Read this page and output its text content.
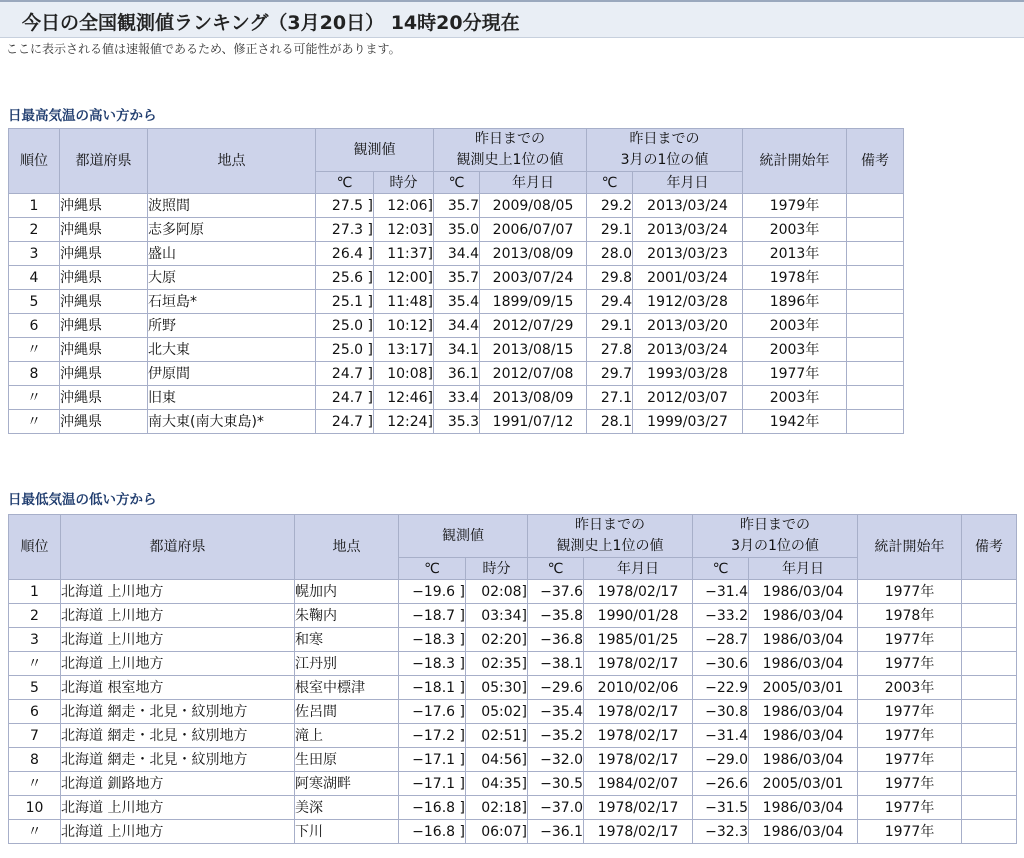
今日の全国観測値ランキング（3月20日） 14時20分現在
ここに表示される値は速報値であるため、修正される可能性があります。
日最高気温の高い方から
順位	都道府県	地点	観測値		昨日までの
観測史上1位の値		昨日までの
3月の1位の値		統計開始年	備考
			℃	時分	℃	年月日	℃	年月日		
1	沖縄県	波照間	27.5 ]	12:06]	35.7	2009/08/05	29.2	2013/03/24	1979年	
2	沖縄県	志多阿原	27.3 ]	12:03]	35.0	2006/07/07	29.1	2013/03/24	2003年	
3	沖縄県	盛山	26.4 ]	11:37]	34.4	2013/08/09	28.0	2013/03/23	2013年	
4	沖縄県	大原	25.6 ]	12:00]	35.7	2003/07/24	29.8	2001/03/24	1978年	
5	沖縄県	石垣島*	25.1 ]	11:48]	35.4	1899/09/15	29.4	1912/03/28	1896年	
6	沖縄県	所野	25.0 ]	10:12]	34.4	2012/07/29	29.1	2013/03/20	2003年	
〃	沖縄県	北大東	25.0 ]	13:17]	34.1	2013/08/15	27.8	2013/03/24	2003年	
8	沖縄県	伊原間	24.7 ]	10:08]	36.1	2012/07/08	29.7	1993/03/28	1977年	
〃	沖縄県	旧東	24.7 ]	12:46]	33.4	2013/08/09	27.1	2012/03/07	2003年	
〃	沖縄県	南大東(南大東島)*	24.7 ]	12:24]	35.3	1991/07/12	28.1	1999/03/27	1942年	
日最低気温の低い方から
順位	都道府県	地点	観測値		昨日までの
観測史上1位の値		昨日までの
3月の1位の値		統計開始年	備考
			℃	時分	℃	年月日	℃	年月日		
1	北海道 上川地方	幌加内	−19.6 ]	02:08]	−37.6	1978/02/17	−31.4	1986/03/04	1977年	
2	北海道 上川地方	朱鞠内	−18.7 ]	03:34]	−35.8	1990/01/28	−33.2	1986/03/04	1978年	
3	北海道 上川地方	和寒	−18.3 ]	02:20]	−36.8	1985/01/25	−28.7	1986/03/04	1977年	
〃	北海道 上川地方	江丹別	−18.3 ]	02:35]	−38.1	1978/02/17	−30.6	1986/03/04	1977年	
5	北海道 根室地方	根室中標津	−18.1 ]	05:30]	−29.6	2010/02/06	−22.9	2005/03/01	2003年	
6	北海道 網走・北見・紋別地方	佐呂間	−17.6 ]	05:02]	−35.4	1978/02/17	−30.8	1986/03/04	1977年	
7	北海道 網走・北見・紋別地方	滝上	−17.2 ]	02:51]	−35.2	1978/02/17	−31.4	1986/03/04	1977年	
8	北海道 網走・北見・紋別地方	生田原	−17.1 ]	04:56]	−32.0	1978/02/17	−29.0	1986/03/04	1977年	
〃	北海道 釧路地方	阿寒湖畔	−17.1 ]	04:35]	−30.5	1984/02/07	−26.6	2005/03/01	1977年	
10	北海道 上川地方	美深	−16.8 ]	02:18]	−37.0	1978/02/17	−31.5	1986/03/04	1977年	
〃	北海道 上川地方	下川	−16.8 ]	06:07]	−36.1	1978/02/17	−32.3	1986/03/04	1977年	
